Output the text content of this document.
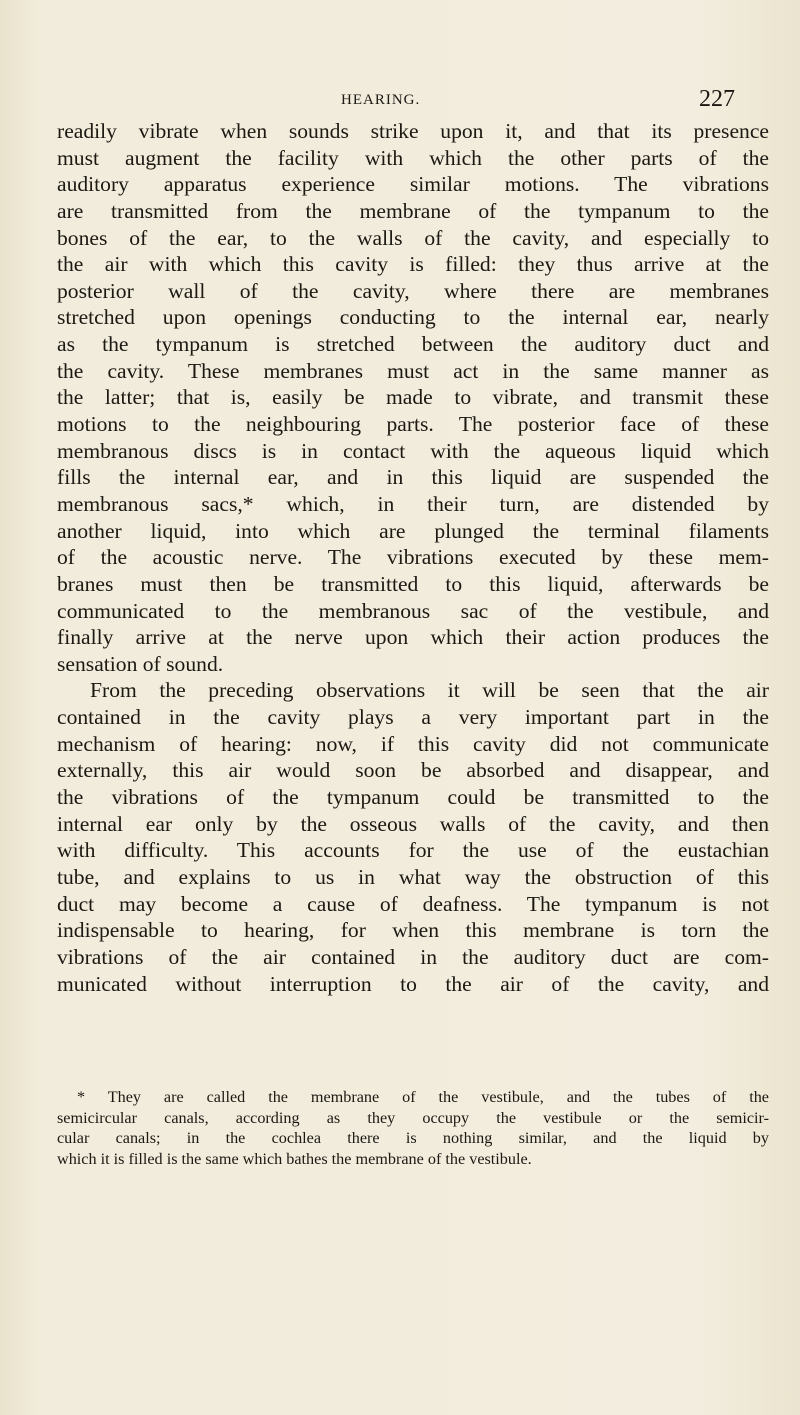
HEARING.	227
readily vibrate when sounds strike upon it, and that its presence
must augment the facility with which the other parts of the
auditory apparatus experience similar motions. The vibrations
are transmitted from the membrane of the tympanum to the
bones of the ear, to the walls of the cavity, and especially to
the air with which this cavity is filled: they thus arrive at the
posterior wall of the cavity, where there are membranes
stretched upon openings conducting to the internal ear, nearly
as the tympanum is stretched between the auditory duct and
the cavity. These membranes must act in the same manner as
the latter; that is, easily be made to vibrate, and transmit these
motions to the neighbouring parts. The posterior face of these
membranous discs is in contact with the aqueous liquid which
fills the internal ear, and in this liquid are suspended the
membranous sacs,* which, in their turn, are distended by
another liquid, into which are plunged the terminal filaments
of the acoustic nerve. The vibrations executed by these mem-
branes must then be transmitted to this liquid, afterwards be
communicated to the membranous sac of the vestibule, and
finally arrive at the nerve upon which their action produces the
sensation of sound.
From the preceding observations it will be seen that the air
contained in the cavity plays a very important part in the
mechanism of hearing: now, if this cavity did not communicate
externally, this air would soon be absorbed and disappear, and
the vibrations of the tympanum could be transmitted to the
internal ear only by the osseous walls of the cavity, and then
with difficulty. This accounts for the use of the eustachian
tube, and explains to us in what way the obstruction of this
duct may become a cause of deafness. The tympanum is not
indispensable to hearing, for when this membrane is torn the
vibrations of the air contained in the auditory duct are com-
municated without interruption to the air of the cavity, and
* They are called the membrane of the vestibule, and the tubes of the
semicircular canals, according as they occupy the vestibule or the semicir-
cular canals; in the cochlea there is nothing similar, and the liquid by
which it is filled is the same which bathes the membrane of the vestibule.
